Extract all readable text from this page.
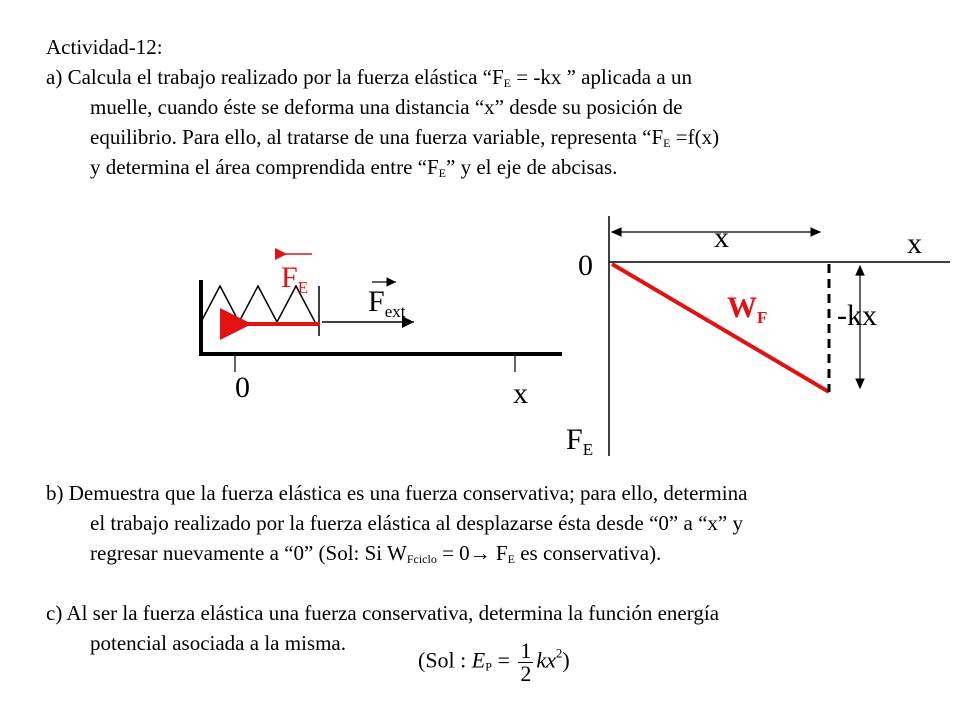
Actividad-12:
a) Calcula el trabajo realizado por la fuerza elástica “$F_E = -kx$ ” aplicada a un
muelle, cuando éste se deforma una distancia “x” desde su posición de
equilibrio. Para ello, al tratarse de una fuerza variable, representa “$F_E =f(x)$
y determina el área comprendida entre “$F_E$” y el eje de abcisas.
$F_E$ $F_{ext}$
0	x
x	x
0
$W_F$ -kx
$F_E$
b) Demuestra que la fuerza elástica es una fuerza conservativa; para ello, determina
el trabajo realizado por la fuerza elástica al desplazarse ésta desde “0” a “x” y
regresar nuevamente a “0” (Sol: Si $W_{Fciclo} = 0\to F_E$ es conservativa).
c) Al ser la fuerza elástica una fuerza conservativa, determina la función energía
potencial asociada a la misma.
(Sol : $E_P = \frac{1}{2} kx^2$)
